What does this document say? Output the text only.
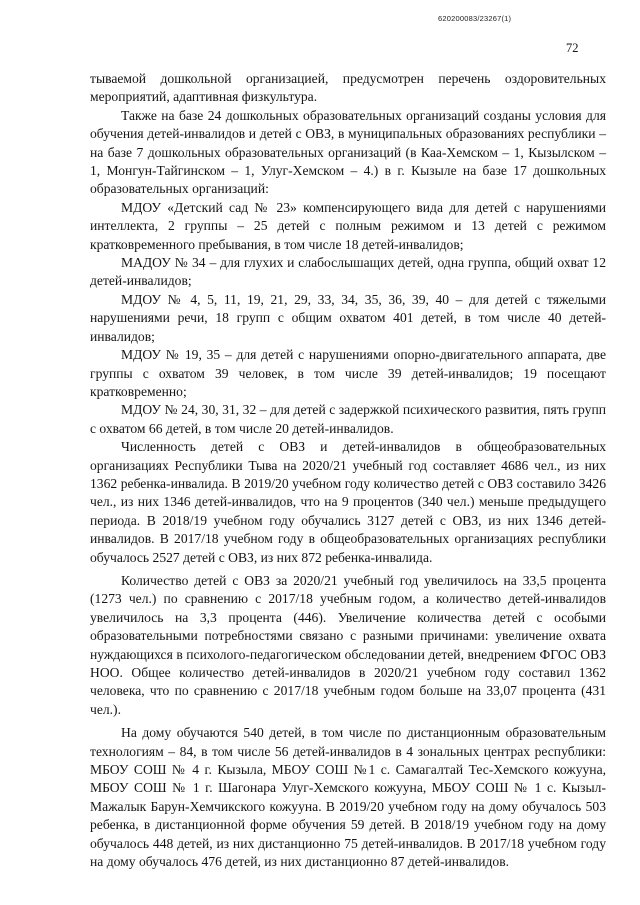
620200083/23267(1)
72

тываемой дошкольной организацией, предусмотрен перечень оздоровительных мероприятий, адаптивная физкультура.

Также на базе 24 дошкольных образовательных организаций созданы условия для обучения детей-инвалидов и детей с ОВЗ, в муниципальных образованиях республики – на базе 7 дошкольных образовательных организаций (в Каа-Хемском – 1, Кызылском – 1, Монгун-Тайгинском – 1, Улуг-Хемском – 4.) в г. Кызыле на базе 17 дошкольных образовательных организаций:

МДОУ «Детский сад № 23» компенсирующего вида для детей с нарушениями интеллекта, 2 группы – 25 детей с полным режимом и 13 детей с режимом кратковременного пребывания, в том числе 18 детей-инвалидов;

МАДОУ № 34 – для глухих и слабослышащих детей, одна группа, общий охват 12 детей-инвалидов;

МДОУ № 4, 5, 11, 19, 21, 29, 33, 34, 35, 36, 39, 40 – для детей с тяжелыми нарушениями речи, 18 групп с общим охватом 401 детей, в том числе 40 детей-инвалидов;

МДОУ № 19, 35 – для детей с нарушениями опорно-двигательного аппарата, две группы с охватом 39 человек, в том числе 39 детей-инвалидов; 19 посещают кратковременно;

МДОУ № 24, 30, 31, 32 – для детей с задержкой психического развития, пять групп с охватом 66 детей, в том числе 20 детей-инвалидов.

Численность детей с ОВЗ и детей-инвалидов в общеобразовательных организациях Республики Тыва на 2020/21 учебный год составляет 4686 чел., из них 1362 ребенка-инвалида. В 2019/20 учебном году количество детей с ОВЗ составило 3426 чел., из них 1346 детей-инвалидов, что на 9 процентов (340 чел.) меньше предыдущего периода. В 2018/19 учебном году обучались 3127 детей с ОВЗ, из них 1346 детей-инвалидов. В 2017/18 учебном году в общеобразовательных организациях республики обучалось 2527 детей с ОВЗ, из них 872 ребенка-инвалида.

Количество детей с ОВЗ за 2020/21 учебный год увеличилось на 33,5 процента (1273 чел.) по сравнению с 2017/18 учебным годом, а количество детей-инвалидов увеличилось на 3,3 процента (446). Увеличение количества детей с особыми образовательными потребностями связано с разными причинами: увеличение охвата нуждающихся в психолого-педагогическом обследовании детей, внедрением ФГОС ОВЗ НОО. Общее количество детей-инвалидов в 2020/21 учебном году составил 1362 человека, что по сравнению с 2017/18 учебным годом больше на 33,07 процента (431 чел.).

На дому обучаются 540 детей, в том числе по дистанционным образовательным технологиям – 84, в том числе 56 детей-инвалидов в 4 зональных центрах республики: МБОУ СОШ № 4 г. Кызыла, МБОУ СОШ №1 с. Самагалтай Тес-Хемского кожууна, МБОУ СОШ № 1 г. Шагонара Улуг-Хемского кожууна, МБОУ СОШ № 1 с. Кызыл-Мажалык Барун-Хемчикского кожууна. В 2019/20 учебном году на дому обучалось 503 ребенка, в дистанционной форме обучения 59 детей. В 2018/19 учебном году на дому обучалось 448 детей, из них дистанционно 75 детей-инвалидов. В 2017/18 учебном году на дому обучалось 476 детей, из них дистанционно 87 детей-инвалидов.
